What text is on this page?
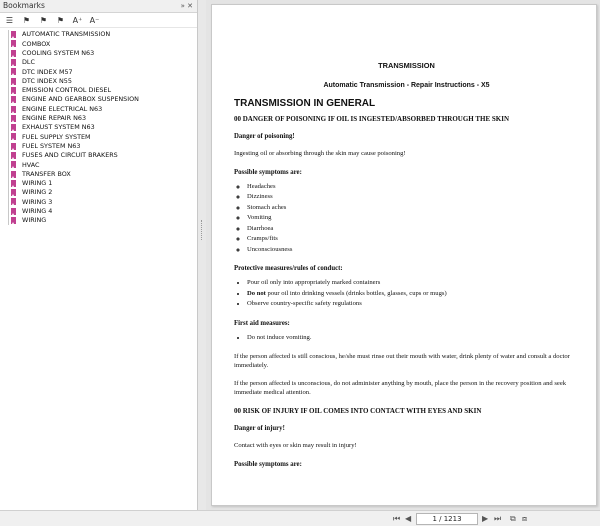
Bookmarks	» ✕
☰ ⚑ ⚑ ⚑ A⁺ A⁻
AUTOMATIC TRANSMISSION
COMBOX
COOLING SYSTEM N63
DLC
DTC INDEX M57
DTC INDEX N55
EMISSION CONTROL DIESEL
ENGINE AND GEARBOX SUSPENSION
ENGINE ELECTRICAL N63
ENGINE REPAIR N63
EXHAUST SYSTEM N63
FUEL SUPPLY SYSTEM
FUEL SYSTEM N63
FUSES AND CIRCUIT BRAKERS
HVAC
TRANSFER BOX
WIRING 1
WIRING 2
WIRING 3
WIRING 4
WIRING
TRANSMISSION
Automatic Transmission - Repair Instructions - X5
TRANSMISSION IN GENERAL
00 DANGER OF POISONING IF OIL IS INGESTED/ABSORBED THROUGH THE SKIN
Danger of poisoning!
Ingesting oil or absorbing through the skin may cause poisoning!
Possible symptoms are:
◦ Headaches
◦ Dizziness
◦ Stomach aches
◦ Vomiting
◦ Diarrhoea
◦ Cramps/fits
◦ Unconsciousness
Protective measures/rules of conduct:
• Pour oil only into appropriately marked containers
• Do not pour oil into drinking vessels (drinks bottles, glasses, cups or mugs)
• Observe country-specific safety regulations
First aid measures:
• Do not induce vomiting.
If the person affected is still conscious, he/she must rinse out their mouth with water, drink plenty of water and consult a doctor immediately.
If the person affected is unconscious, do not administer anything by mouth, place the person in the recovery position and seek immediate medical attention.
00 RISK OF INJURY IF OIL COMES INTO CONTACT WITH EYES AND SKIN
Danger of injury!
Contact with eyes or skin may result in injury!
Possible symptoms are:
⏮ ◀	1 / 1213	▶ ⏭ ⧉ ⧈
